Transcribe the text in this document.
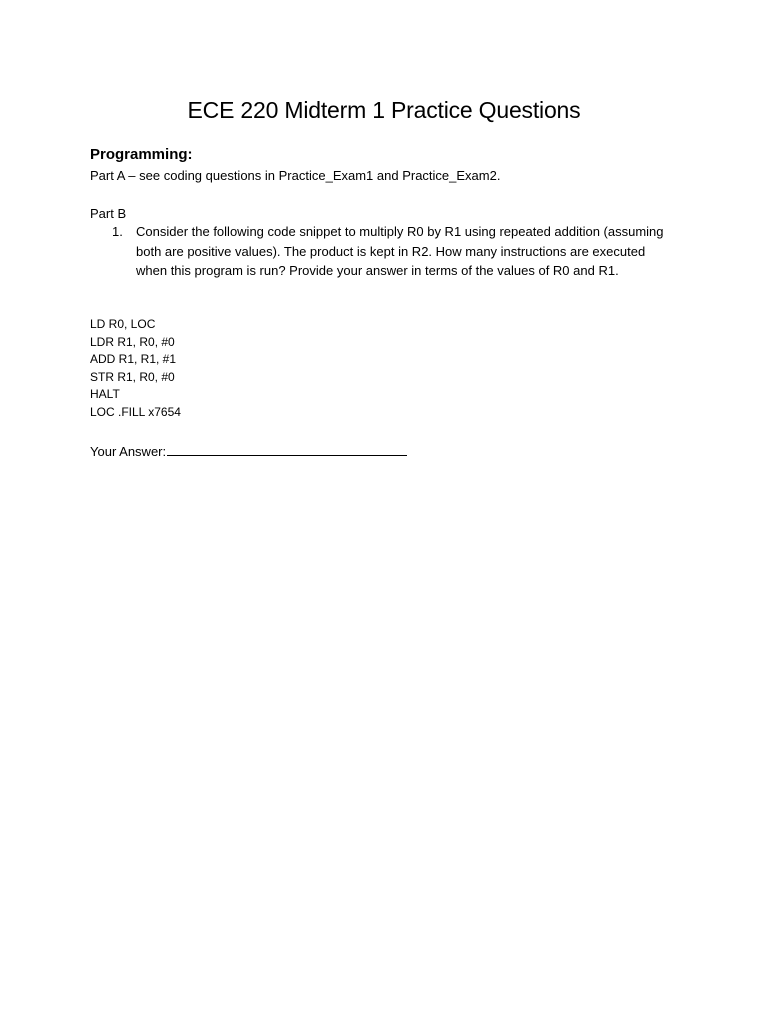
ECE 220 Midterm 1 Practice Questions
Programming:
Part A – see coding questions in Practice_Exam1 and Practice_Exam2.
Part B
1. Consider the following code snippet to multiply R0 by R1 using repeated addition (assuming both are positive values). The product is kept in R2. How many instructions are executed when this program is run? Provide your answer in terms of the values of R0 and R1.
LD R0, LOC
LDR R1, R0, #0
ADD R1, R1, #1
STR R1, R0, #0
HALT
LOC .FILL x7654
Your Answer:
